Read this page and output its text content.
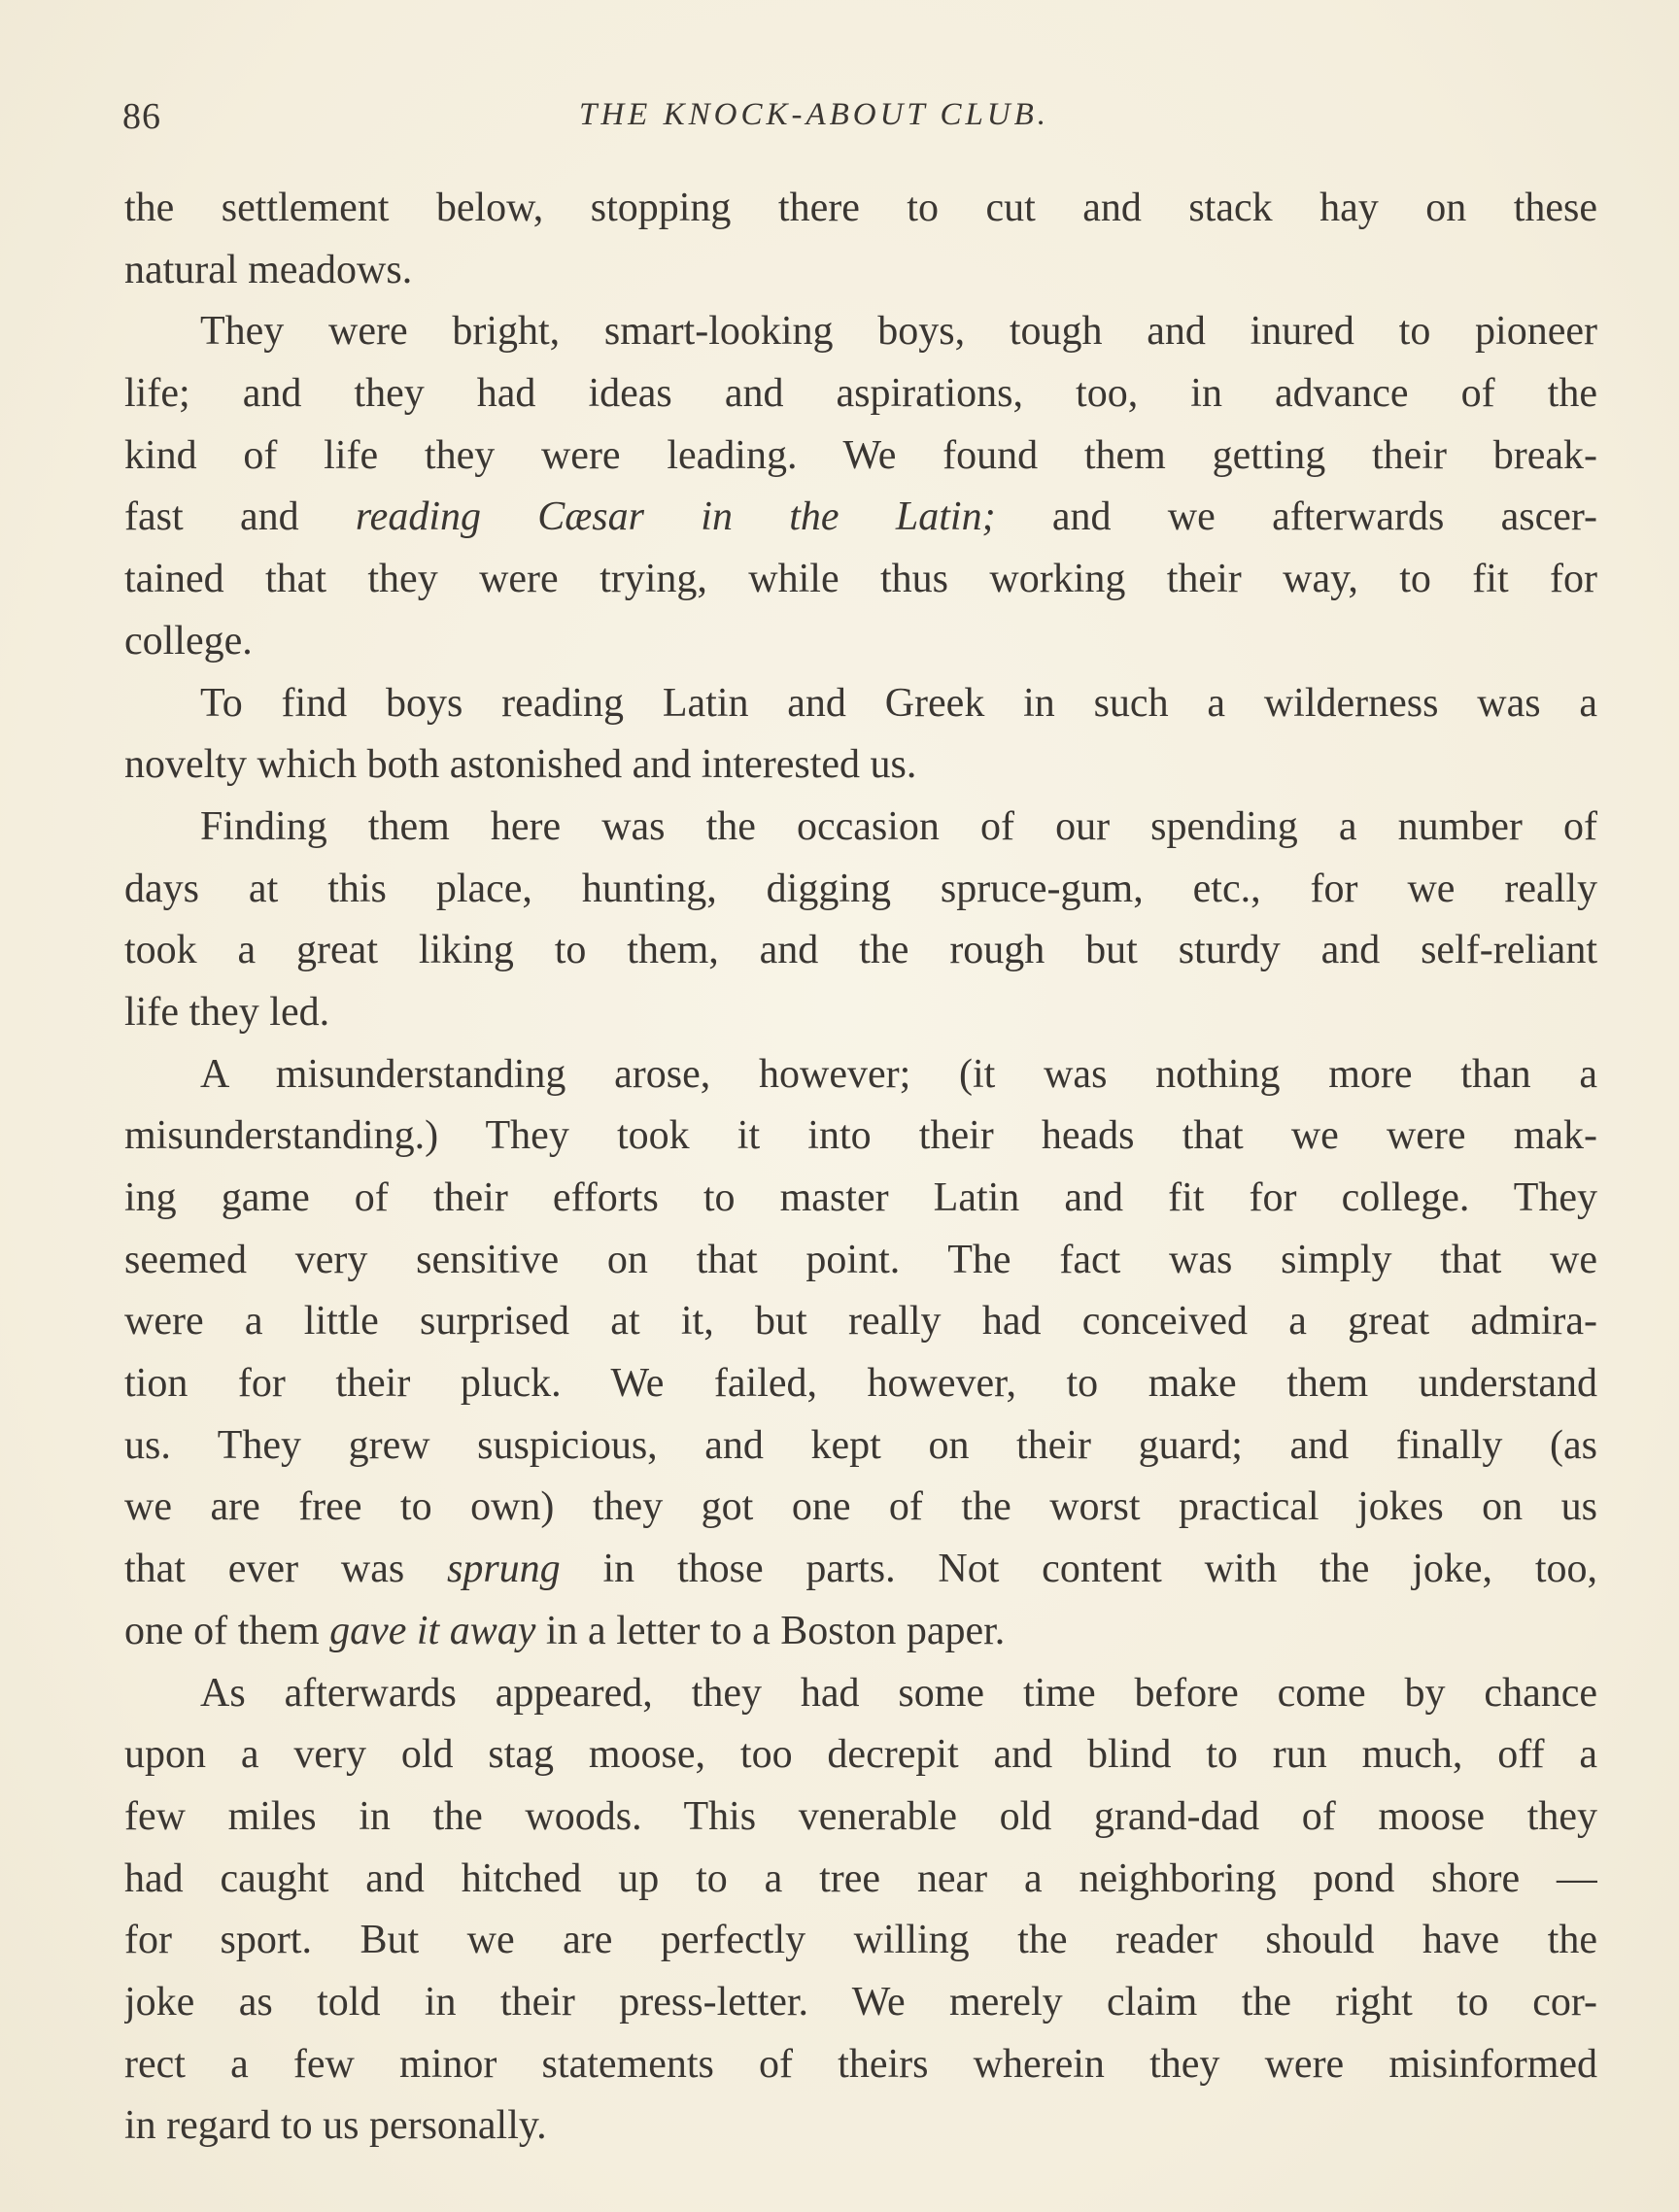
86	THE KNOCK-ABOUT CLUB.
the settlement below, stopping there to cut and stack hay on these
natural meadows.
They were bright, smart-looking boys, tough and inured to pioneer
life; and they had ideas and aspirations, too, in advance of the
kind of life they were leading. We found them getting their break-
fast and reading Cæsar in the Latin; and we afterwards ascer-
tained that they were trying, while thus working their way, to fit for
college.
To find boys reading Latin and Greek in such a wilderness was a
novelty which both astonished and interested us.
Finding them here was the occasion of our spending a number of
days at this place, hunting, digging spruce-gum, etc., for we really
took a great liking to them, and the rough but sturdy and self-reliant
life they led.
A misunderstanding arose, however; (it was nothing more than a
misunderstanding.) They took it into their heads that we were mak-
ing game of their efforts to master Latin and fit for college. They
seemed very sensitive on that point. The fact was simply that we
were a little surprised at it, but really had conceived a great admira-
tion for their pluck. We failed, however, to make them understand
us. They grew suspicious, and kept on their guard; and finally (as
we are free to own) they got one of the worst practical jokes on us
that ever was sprung in those parts. Not content with the joke, too,
one of them gave it away in a letter to a Boston paper.
As afterwards appeared, they had some time before come by chance
upon a very old stag moose, too decrepit and blind to run much, off a
few miles in the woods. This venerable old grand-dad of moose they
had caught and hitched up to a tree near a neighboring pond shore —
for sport. But we are perfectly willing the reader should have the
joke as told in their press-letter. We merely claim the right to cor-
rect a few minor statements of theirs wherein they were misinformed
in regard to us personally.
